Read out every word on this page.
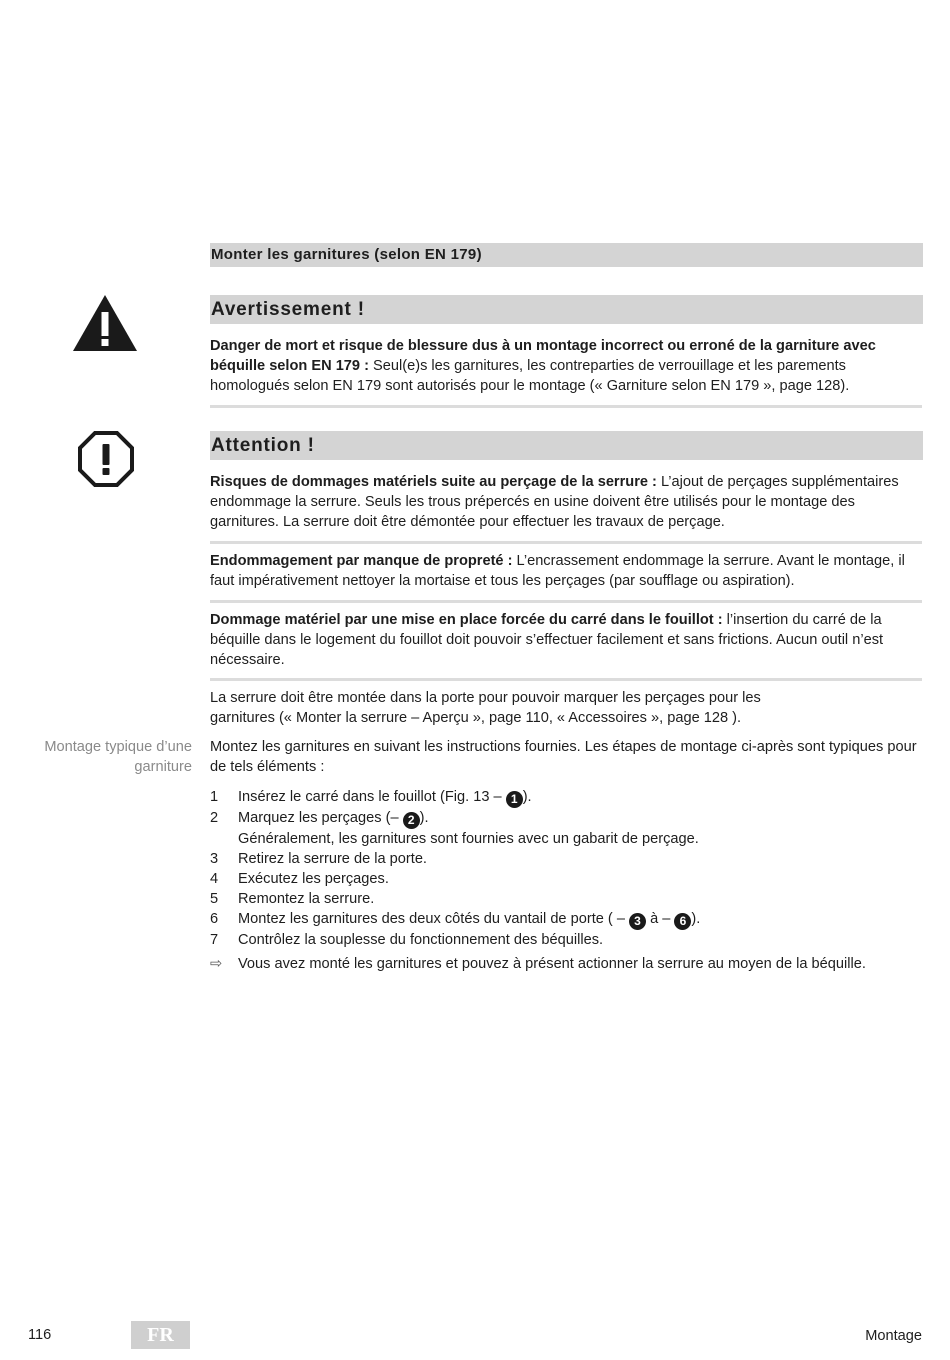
Monter les garnitures (selon EN 179)
Avertissement !

Danger de mort et risque de blessure dus à un montage incorrect ou erroné de la garniture avec béquille selon EN 179 : Seul(e)s les garnitures, les contreparties de verrouillage et les parements homologués selon EN 179 sont autorisés pour le montage (« Garniture selon EN 179 », page 128).

Attention !

Risques de dommages matériels suite au perçage de la serrure : L’ajout de perçages supplémentaires endommage la serrure. Seuls les trous prépercés en usine doivent être utilisés pour le montage des garnitures. La serrure doit être démontée pour effectuer les travaux de perçage.

Endommagement par manque de propreté : L’encrassement endommage la serrure. Avant le montage, il faut impérativement nettoyer la mortaise et tous les perçages (par soufflage ou aspiration).

Dommage matériel par une mise en place forcée du carré dans le fouillot : l’insertion du carré de la béquille dans le logement du fouillot doit pouvoir s’effectuer facilement et sans frictions. Aucun outil n’est nécessaire.

La serrure doit être montée dans la porte pour pouvoir marquer les perçages pour les garnitures (« Monter la serrure – Aperçu », page 110, « Accessoires », page 128 ).
Montage typique d’une garniture
Montez les garnitures en suivant les instructions fournies. Les étapes de montage ci-après sont typiques pour de tels éléments :
1	Insérez le carré dans le fouillot (Fig. 13 – 1 ).
2	Marquez les perçages (– 2 ).
Généralement, les garnitures sont fournies avec un gabarit de perçage.
3	Retirez la serrure de la porte.
4	Exécutez les perçages.
5	Remontez la serrure.
6	Montez les garnitures des deux côtés du vantail de porte ( – 3 à – 6 ).
7	Contrôlez la souplesse du fonctionnement des béquilles.
⇨	Vous avez monté les garnitures et pouvez à présent actionner la serrure au moyen de la béquille.
116	FR	Montage
